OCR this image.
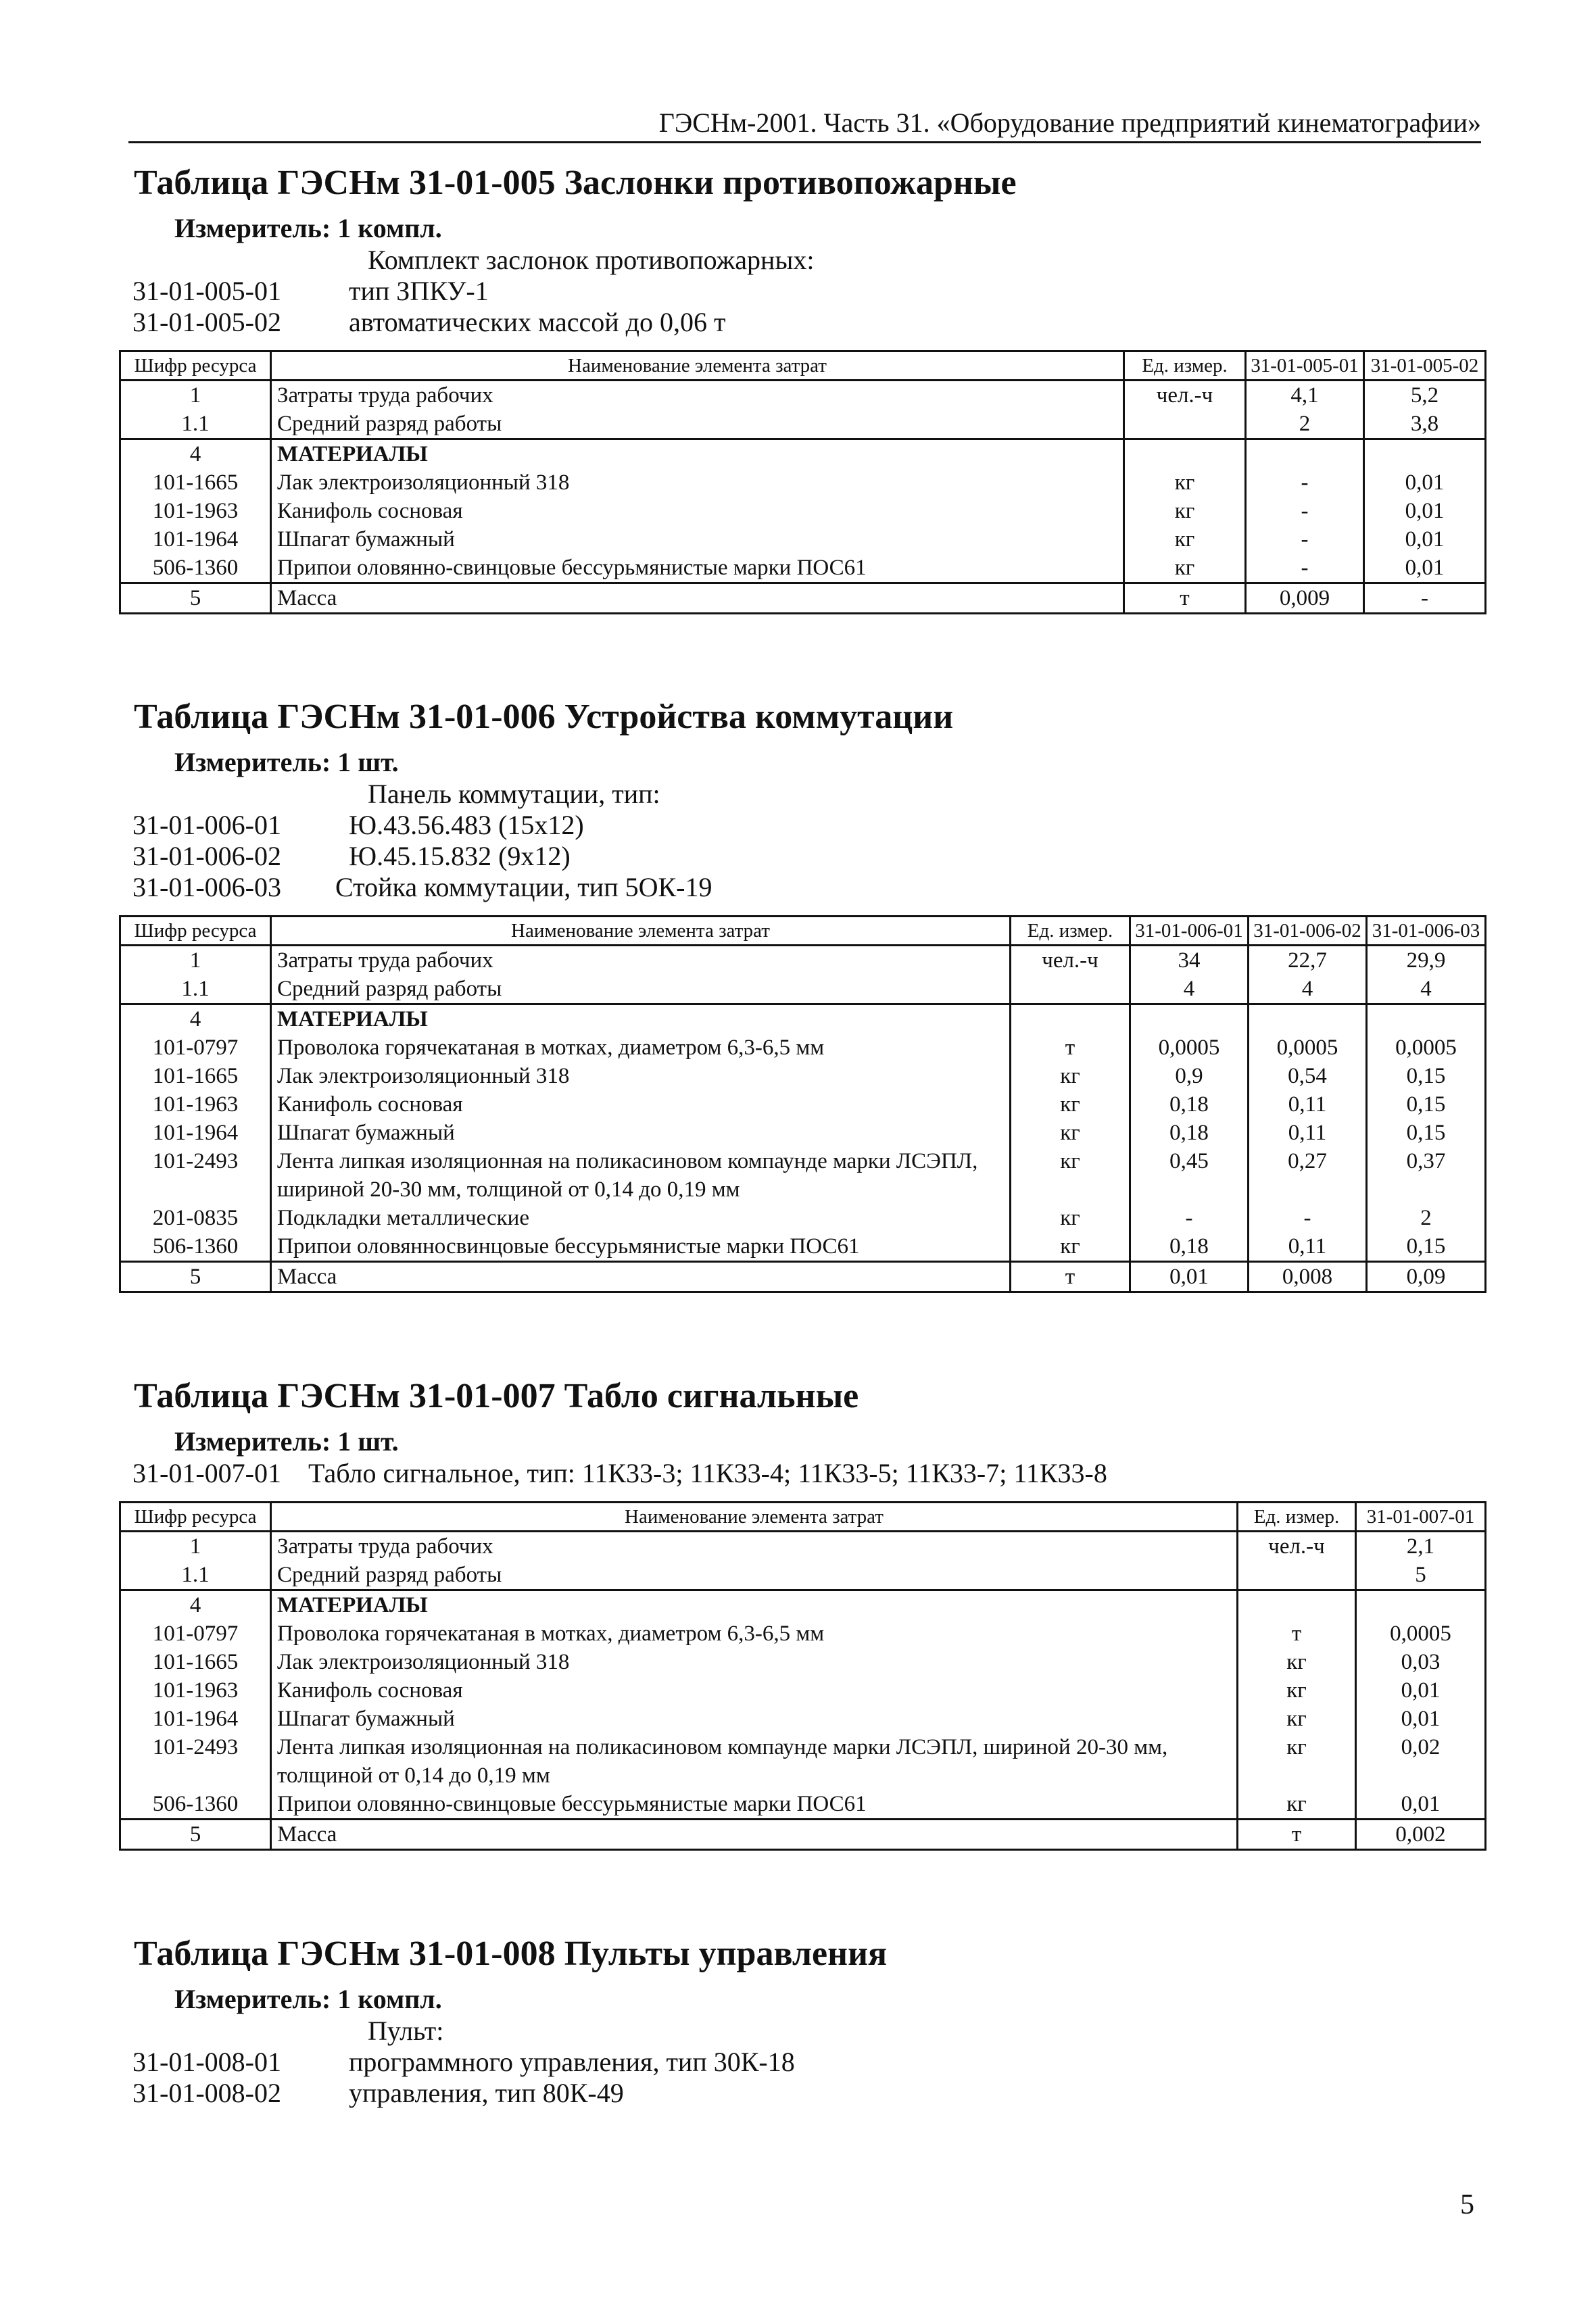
ГЭСНм-2001. Часть 31. «Оборудование предприятий кинематографии»
Таблица ГЭСНм 31-01-005 Заслонки противопожарные
Измеритель: 1 компл.
Комплект заслонок противопожарных:
31-01-005-01	тип ЗПКУ-1
31-01-005-02	автоматических массой до 0,06 т
Шифр ресурса	Наименование элемента затрат	Ед. измер.	31-01-005-01	31-01-005-02
1	Затраты труда рабочих	чел.-ч	4,1	5,2
1.1	Средний разряд работы		2	3,8
4	МАТЕРИАЛЫ			
101-1665	Лак электроизоляционный 318	кг	-	0,01
101-1963	Канифоль сосновая	кг	-	0,01
101-1964	Шпагат бумажный	кг	-	0,01
506-1360	Припои оловянно-свинцовые бессурьмянистые марки ПОС61	кг	-	0,01
5	Масса	т	0,009	-
Таблица ГЭСНм 31-01-006 Устройства коммутации
Измеритель: 1 шт.
Панель коммутации, тип:
31-01-006-01	Ю.43.56.483 (15х12)
31-01-006-02	Ю.45.15.832 (9х12)
31-01-006-03	Стойка коммутации, тип 5ОК-19
Шифр ресурса	Наименование элемента затрат	Ед. измер.	31-01-006-01	31-01-006-02	31-01-006-03
1	Затраты труда рабочих	чел.-ч	34	22,7	29,9
1.1	Средний разряд работы		4	4	4
4	МАТЕРИАЛЫ				
101-0797	Проволока горячекатаная в мотках, диаметром 6,3-6,5 мм	т	0,0005	0,0005	0,0005
101-1665	Лак электроизоляционный 318	кг	0,9	0,54	0,15
101-1963	Канифоль сосновая	кг	0,18	0,11	0,15
101-1964	Шпагат бумажный	кг	0,18	0,11	0,15
101-2493	Лента липкая изоляционная на поликасиновом компаунде марки ЛСЭПЛ, шириной 20-30 мм, толщиной от 0,14 до 0,19 мм	кг	0,45	0,27	0,37
201-0835	Подкладки металлические	кг	-	-	2
506-1360	Припои оловянносвинцовые бессурьмянистые марки ПОС61	кг	0,18	0,11	0,15
5	Масса	т	0,01	0,008	0,09
Таблица ГЭСНм 31-01-007 Табло сигнальные
Измеритель: 1 шт.
31-01-007-01	Табло сигнальное, тип: 11К33-3; 11К33-4; 11К33-5; 11К33-7; 11К33-8
Шифр ресурса	Наименование элемента затрат	Ед. измер.	31-01-007-01
1	Затраты труда рабочих	чел.-ч	2,1
1.1	Средний разряд работы		5
4	МАТЕРИАЛЫ		
101-0797	Проволока горячекатаная в мотках, диаметром 6,3-6,5 мм	т	0,0005
101-1665	Лак электроизоляционный 318	кг	0,03
101-1963	Канифоль сосновая	кг	0,01
101-1964	Шпагат бумажный	кг	0,01
101-2493	Лента липкая изоляционная на поликасиновом компаунде марки ЛСЭПЛ, шириной 20-30 мм, толщиной от 0,14 до 0,19 мм	кг	0,02
506-1360	Припои оловянно-свинцовые бессурьмянистые марки ПОС61	кг	0,01
5	Масса	т	0,002
Таблица ГЭСНм 31-01-008 Пульты управления
Измеритель: 1 компл.
Пульт:
31-01-008-01	программного управления, тип 30К-18
31-01-008-02	управления, тип 80К-49
5
